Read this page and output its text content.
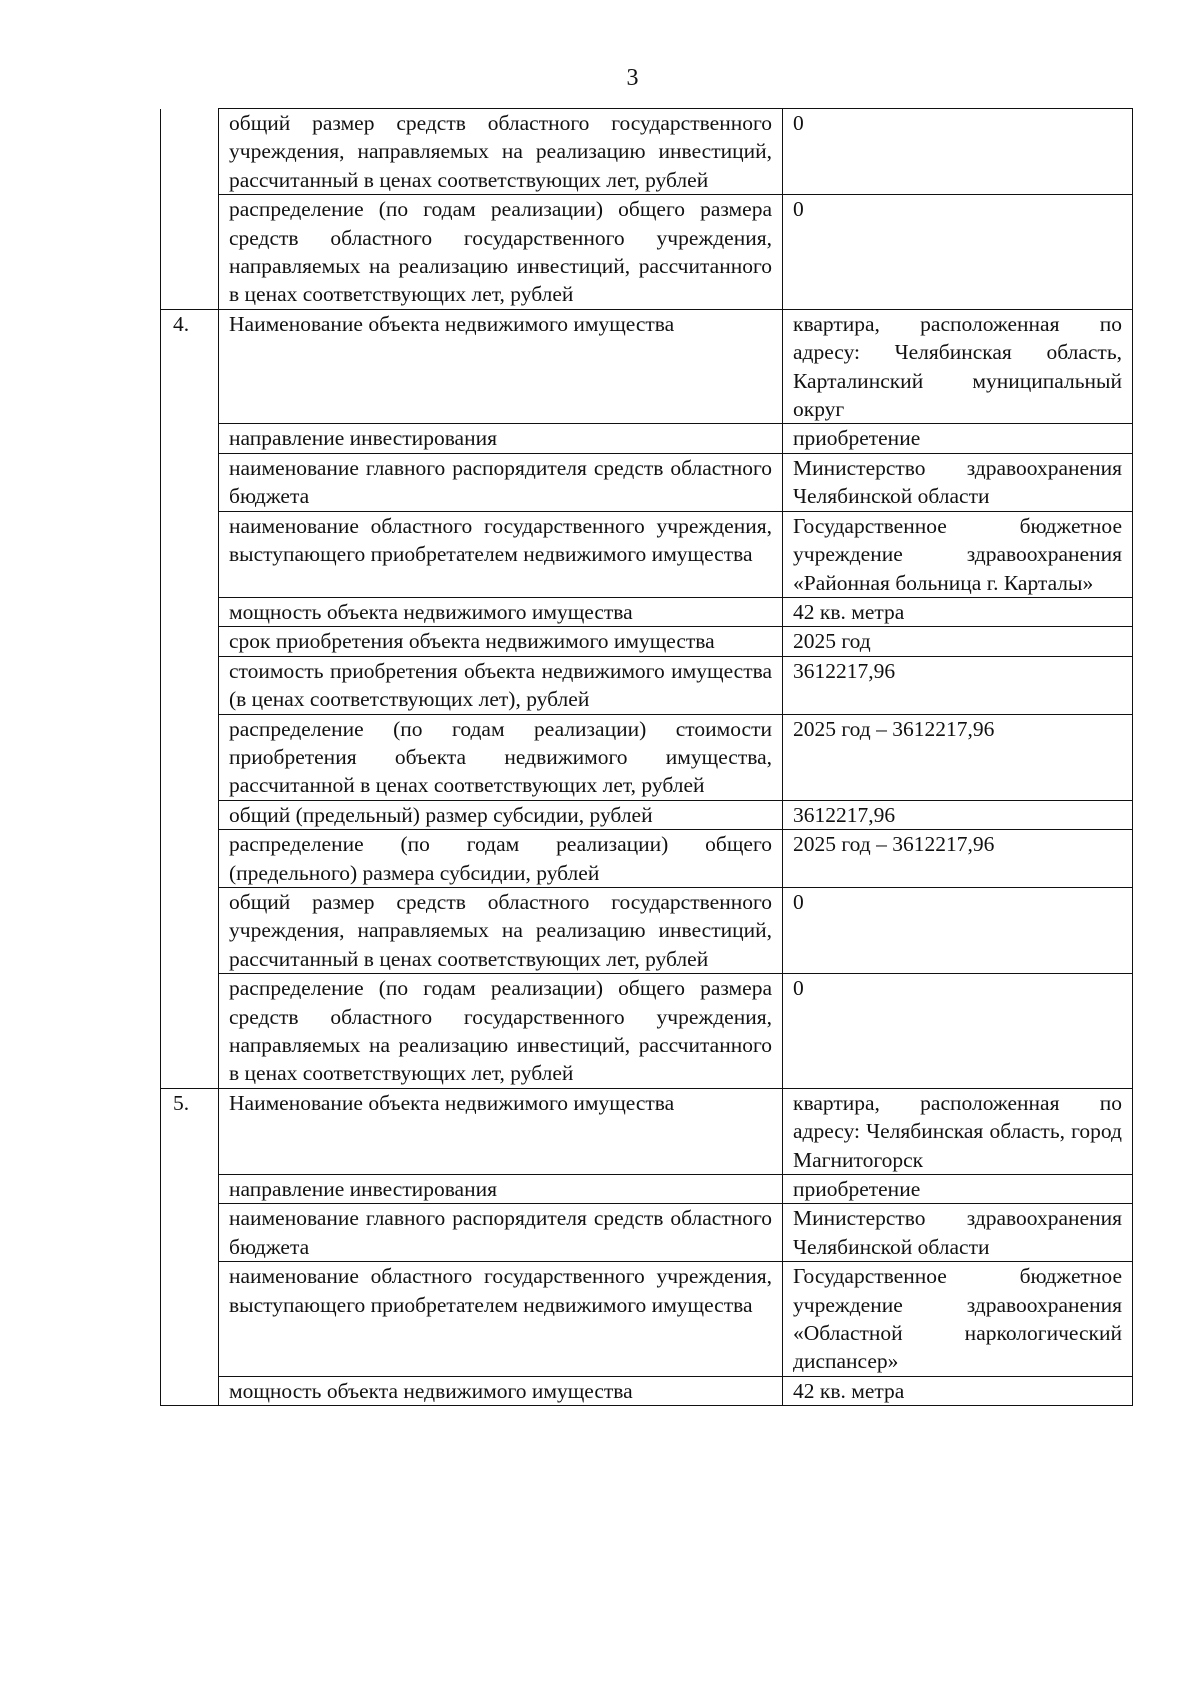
3
	общий размер средств областного государственного учреждения, направляемых на реализацию инвестиций, рассчитанный в ценах соответствующих лет, рублей	0
	распределение (по годам реализации) общего размера средств областного государственного учреждения, направляемых на реализацию инвестиций, рассчитанного в ценах соответствующих лет, рублей	0
4.	Наименование объекта недвижимого имущества	квартира, расположенная по адресу: Челябинская область, Карталинский муниципальный округ
	направление инвестирования	приобретение
	наименование главного распорядителя средств областного бюджета	Министерство здравоохранения Челябинской области
	наименование областного государственного учреждения, выступающего приобретателем недвижимого имущества	Государственное бюджетное учреждение здравоохранения «Районная больница г. Карталы»
	мощность объекта недвижимого имущества	42 кв. метра
	срок приобретения объекта недвижимого имущества	2025 год
	стоимость приобретения объекта недвижимого имущества (в ценах соответствующих лет), рублей	3612217,96
	распределение (по годам реализации) стоимости приобретения объекта недвижимого имущества, рассчитанной в ценах соответствующих лет, рублей	2025 год – 3612217,96
	общий (предельный) размер субсидии, рублей	3612217,96
	распределение (по годам реализации) общего (предельного) размера субсидии, рублей	2025 год – 3612217,96
	общий размер средств областного государственного учреждения, направляемых на реализацию инвестиций, рассчитанный в ценах соответствующих лет, рублей	0
	распределение (по годам реализации) общего размера средств областного государственного учреждения, направляемых на реализацию инвестиций, рассчитанного в ценах соответствующих лет, рублей	0
5.	Наименование объекта недвижимого имущества	квартира, расположенная по адресу: Челябинская область, город Магнитогорск
	направление инвестирования	приобретение
	наименование главного распорядителя средств областного бюджета	Министерство здравоохранения Челябинской области
	наименование областного государственного учреждения, выступающего приобретателем недвижимого имущества	Государственное бюджетное учреждение здравоохранения «Областной наркологический диспансер»
	мощность объекта недвижимого имущества	42 кв. метра
